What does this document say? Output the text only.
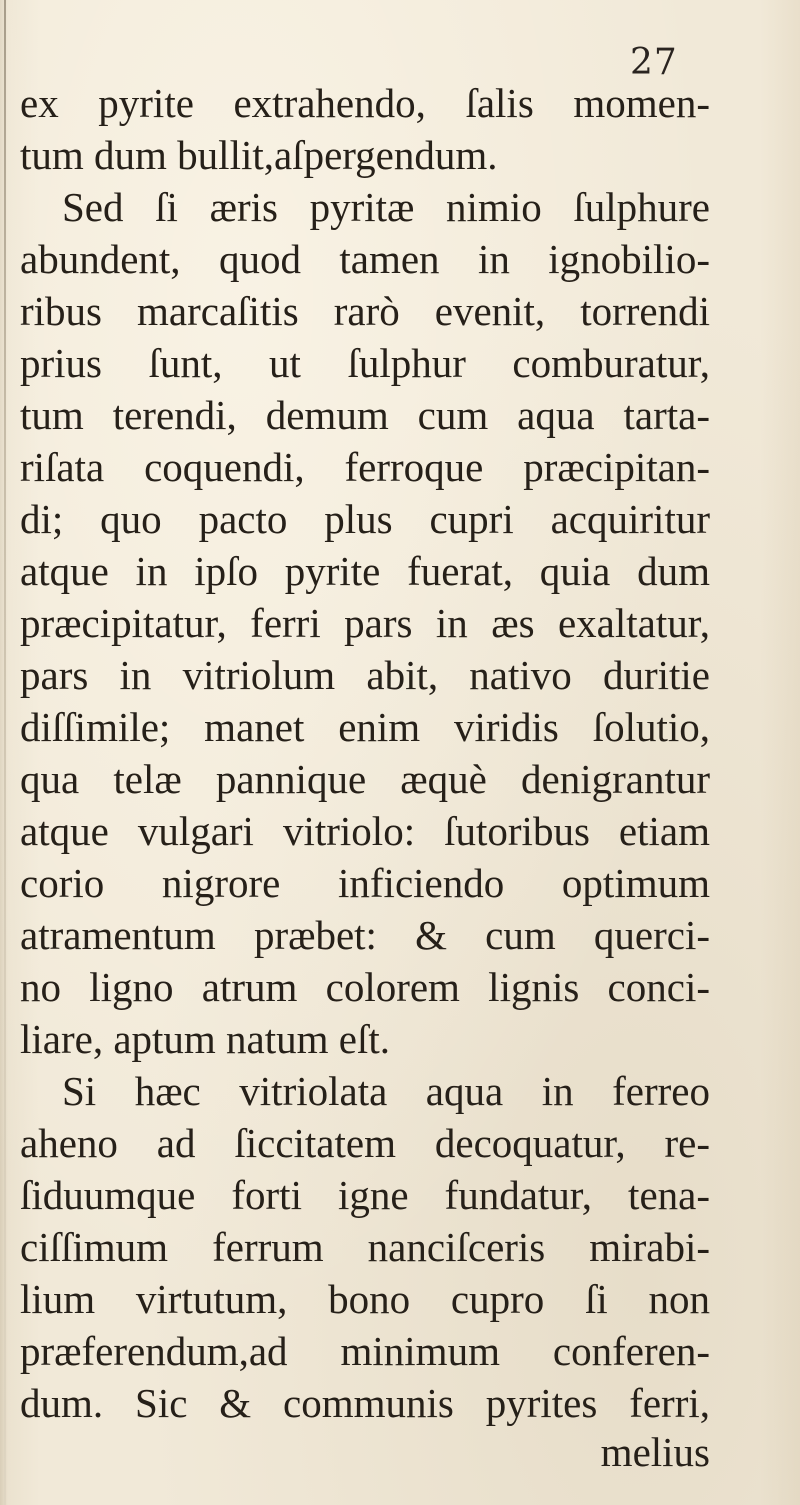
27
ex pyrite extrahendo, ſalis momen-
tum dum bullit,aſpergendum.
Sed ſi æris pyritæ nimio ſulphure
abundent, quod tamen in ignobilio-
ribus marcaſitis rarò evenit, torrendi
prius ſunt, ut ſulphur comburatur,
tum terendi, demum cum aqua tarta-
riſata coquendi, ferroque præcipitan-
di; quo pacto plus cupri acquiritur
atque in ipſo pyrite fuerat, quia dum
præcipitatur, ferri pars in æs exaltatur,
pars in vitriolum abit, nativo duritie
diſſimile; manet enim viridis ſolutio,
qua telæ pannique æquè denigrantur
atque vulgari vitriolo: ſutoribus etiam
corio nigrore inficiendo optimum
atramentum præbet: & cum querci-
no ligno atrum colorem lignis conci-
liare, aptum natum eſt.
Si hæc vitriolata aqua in ferreo
aheno ad ſiccitatem decoquatur, re-
ſiduumque forti igne fundatur, tena-
ciſſimum ferrum nanciſceris mirabi-
lium virtutum, bono cupro ſi non
præferendum,ad minimum conferen-
dum. Sic & communis pyrites ferri,
melius
